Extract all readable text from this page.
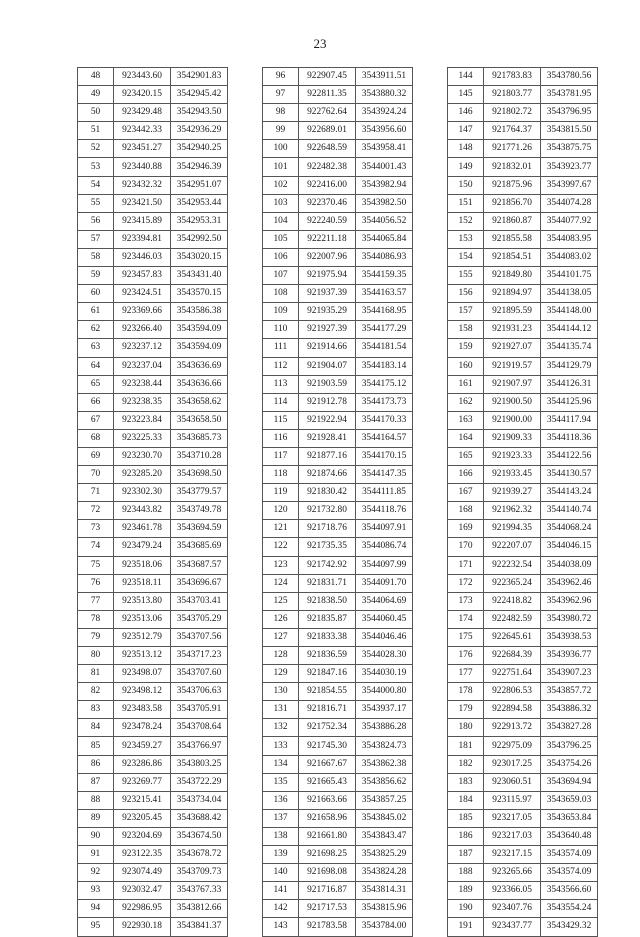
23
48	923443.60	3542901.83
49	923420.15	3542945.42
50	923429.48	3542943.50
51	923442.33	3542936.29
52	923451.27	3542940.25
53	923440.88	3542946.39
54	923432.32	3542951.07
55	923421.50	3542953.44
56	923415.89	3542953.31
57	923394.81	3542992.50
58	923446.03	3543020.15
59	923457.83	3543431.40
60	923424.51	3543570.15
61	923369.66	3543586.38
62	923266.40	3543594.09
63	923237.12	3543594.09
64	923237.04	3543636.69
65	923238.44	3543636.66
66	923238.35	3543658.62
67	923223.84	3543658.50
68	923225.33	3543685.73
69	923230.70	3543710.28
70	923285.20	3543698.50
71	923302.30	3543779.57
72	923443.82	3543749.78
73	923461.78	3543694.59
74	923479.24	3543685.69
75	923518.06	3543687.57
76	923518.11	3543696.67
77	923513.80	3543703.41
78	923513.06	3543705.29
79	923512.79	3543707.56
80	923513.12	3543717.23
81	923498.07	3543707.60
82	923498.12	3543706.63
83	923483.58	3543705.91
84	923478.24	3543708.64
85	923459.27	3543766.97
86	923286.86	3543803.25
87	923269.77	3543722.29
88	923215.41	3543734.04
89	923205.45	3543688.42
90	923204.69	3543674.50
91	923122.35	3543678.72
92	923074.49	3543709.73
93	923032.47	3543767.33
94	922986.95	3543812.66
95	922930.18	3543841.37
96	922907.45	3543911.51
97	922811.35	3543880.32
98	922762.64	3543924.24
99	922689.01	3543956.60
100	922648.59	3543958.41
101	922482.38	3544001.43
102	922416.00	3543982.94
103	922370.46	3543982.50
104	922240.59	3544056.52
105	922211.18	3544065.84
106	922007.96	3544086.93
107	921975.94	3544159.35
108	921937.39	3544163.57
109	921935.29	3544168.95
110	921927.39	3544177.29
111	921914.66	3544181.54
112	921904.07	3544183.14
113	921903.59	3544175.12
114	921912.78	3544173.73
115	921922.94	3544170.33
116	921928.41	3544164.57
117	921877.16	3544170.15
118	921874.66	3544147.35
119	921830.42	3544111.85
120	921732.80	3544118.76
121	921718.76	3544097.91
122	921735.35	3544086.74
123	921742.92	3544097.99
124	921831.71	3544091.70
125	921838.50	3544064.69
126	921835.87	3544060.45
127	921833.38	3544046.46
128	921836.59	3544028.30
129	921847.16	3544030.19
130	921854.55	3544000.80
131	921816.71	3543937.17
132	921752.34	3543886.28
133	921745.30	3543824.73
134	921667.67	3543862.38
135	921665.43	3543856.62
136	921663.66	3543857.25
137	921658.96	3543845.02
138	921661.80	3543843.47
139	921698.25	3543825.29
140	921698.08	3543824.28
141	921716.87	3543814.31
142	921717.53	3543815.96
143	921783.58	3543784.00
144	921783.83	3543780.56
145	921803.77	3543781.95
146	921802.72	3543796.95
147	921764.37	3543815.50
148	921771.26	3543875.75
149	921832.01	3543923.77
150	921875.96	3543997.67
151	921856.70	3544074.28
152	921860.87	3544077.92
153	921855.58	3544083.95
154	921854.51	3544083.02
155	921849.80	3544101.75
156	921894.97	3544138.05
157	921895.59	3544148.00
158	921931.23	3544144.12
159	921927.07	3544135.74
160	921919.57	3544129.79
161	921907.97	3544126.31
162	921900.50	3544125.96
163	921900.00	3544117.94
164	921909.33	3544118.36
165	921923.33	3544122.56
166	921933.45	3544130.57
167	921939.27	3544143.24
168	921962.32	3544140.74
169	921994.35	3544068.24
170	922207.07	3544046.15
171	922232.54	3544038.09
172	922365.24	3543962.46
173	922418.82	3543962.96
174	922482.59	3543980.72
175	922645.61	3543938.53
176	922684.39	3543936.77
177	922751.64	3543907.23
178	922806.53	3543857.72
179	922894.58	3543886.32
180	922913.72	3543827.28
181	922975.09	3543796.25
182	923017.25	3543754.26
183	923060.51	3543694.94
184	923115.97	3543659.03
185	923217.05	3543653.84
186	923217.03	3543640.48
187	923217.15	3543574.09
188	923265.66	3543574.09
189	923366.05	3543566.60
190	923407.76	3543554.24
191	923437.77	3543429.32
